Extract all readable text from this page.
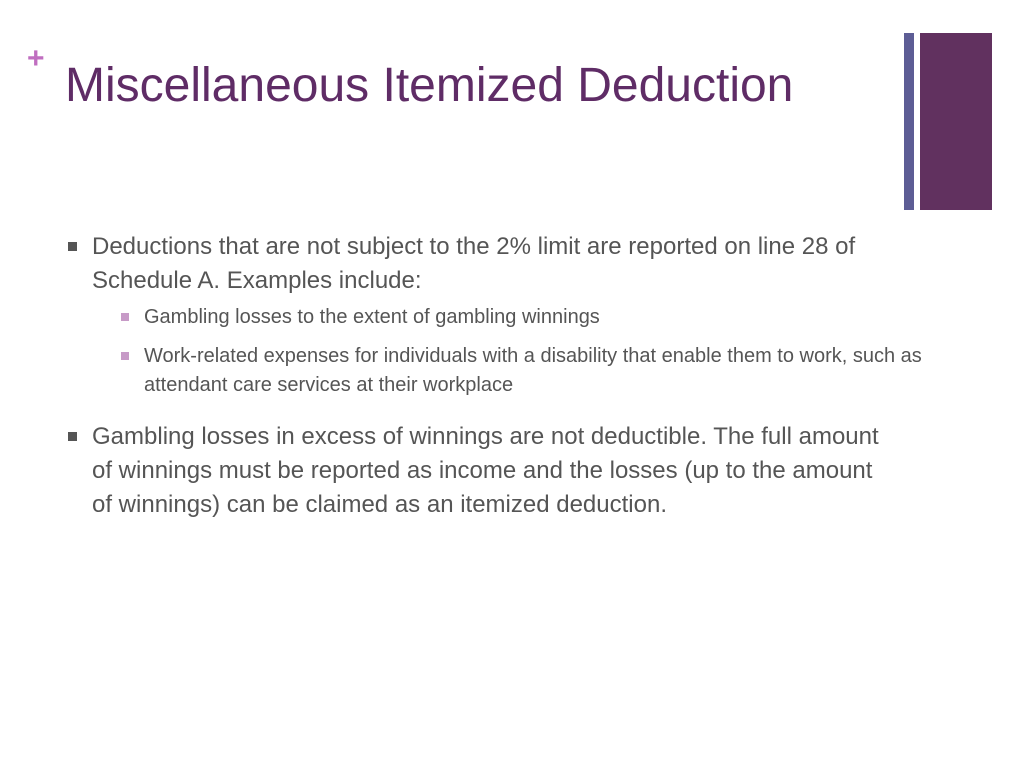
+
Miscellaneous Itemized Deduction
Deductions that are not subject to the 2% limit are reported on line 28 of Schedule A. Examples include:
Gambling losses to the extent of gambling winnings
Work-related expenses for individuals with a disability that enable them to work, such as attendant care services at their workplace
Gambling losses in excess of winnings are not deductible. The full amount of winnings must be reported as income and the losses (up to the amount of winnings) can be claimed as an itemized deduction.
